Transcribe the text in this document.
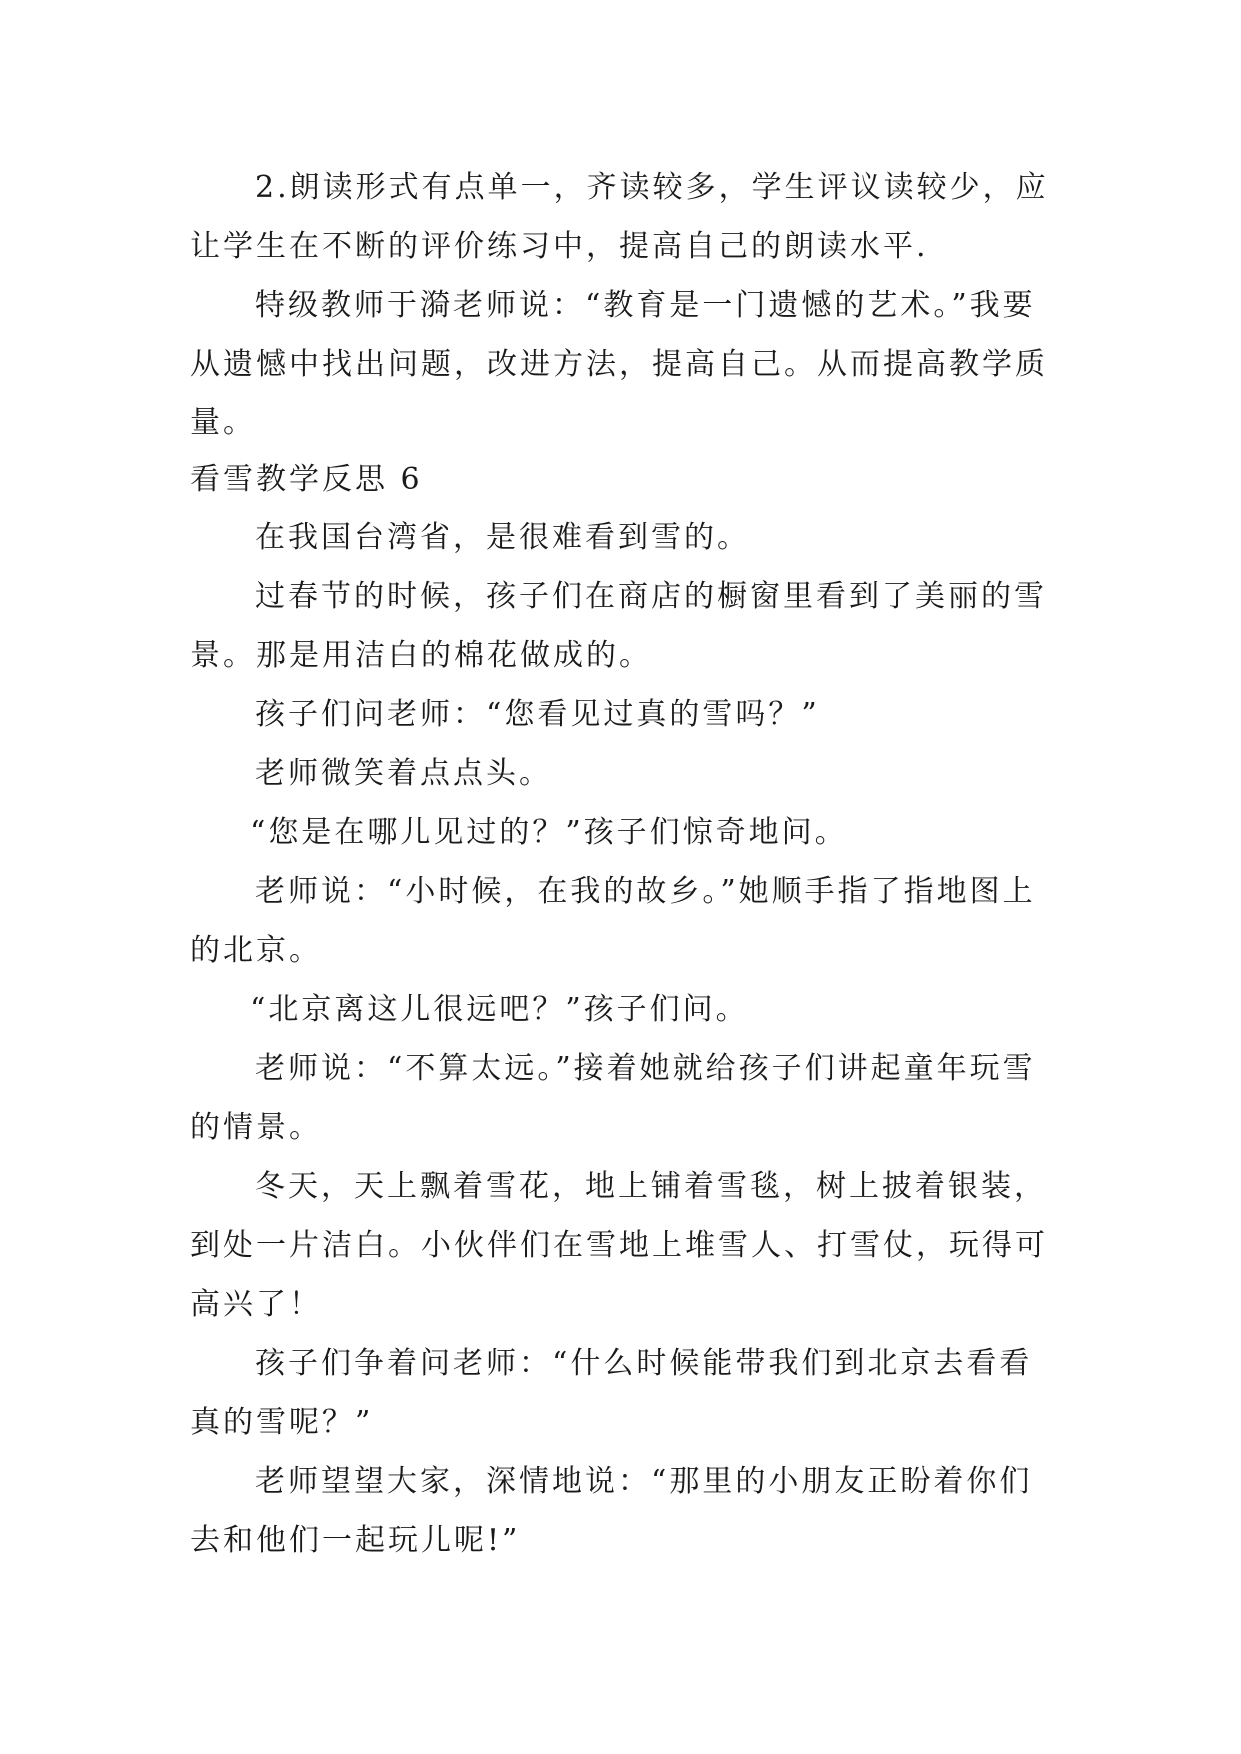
2.朗读形式有点单一，齐读较多，学生评议读较少，应
让学生在不断的评价练习中，提高自己的朗读水平.
特级教师于漪老师说：“教育是一门遗憾的艺术。”我要
从遗憾中找出问题，改进方法，提高自己。从而提高教学质
量。
看雪教学反思 6
在我国台湾省，是很难看到雪的。
过春节的时候，孩子们在商店的橱窗里看到了美丽的雪
景。那是用洁白的棉花做成的。
孩子们问老师：“您看见过真的雪吗？”
老师微笑着点点头。
“您是在哪儿见过的？”孩子们惊奇地问。
老师说：“小时候，在我的故乡。”她顺手指了指地图上
的北京。
“北京离这儿很远吧？”孩子们问。
老师说：“不算太远。”接着她就给孩子们讲起童年玩雪
的情景。
冬天，天上飘着雪花，地上铺着雪毯，树上披着银装，
到处一片洁白。小伙伴们在雪地上堆雪人、打雪仗，玩得可
高兴了！
孩子们争着问老师：“什么时候能带我们到北京去看看
真的雪呢？”
老师望望大家，深情地说：“那里的小朋友正盼着你们
去和他们一起玩儿呢!”
